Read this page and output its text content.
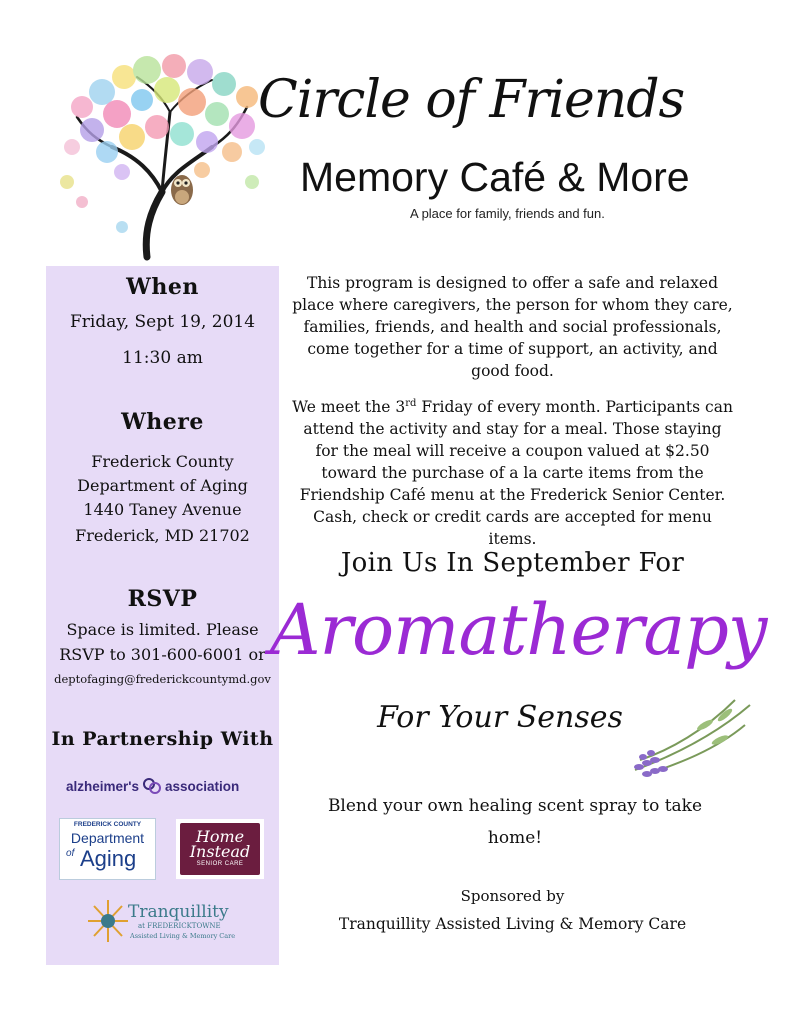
Circle of Friends
Memory Café & More
A place for family, friends and fun.
When
Friday, Sept 19, 2014
11:30 am
Where
Frederick County
Department of Aging
1440 Taney Avenue
Frederick, MD 21702
RSVP
Space is limited. Please
RSVP to 301-600-6001 or
deptofaging@frederickcountymd.gov
In Partnership With
alzheimer's association
FREDERICK COUNTY
Department
of Aging
Home
Instead
SENIOR CARE
Tranquillity
at FREDERICKTOWNE
Assisted Living & Memory Care
This program is designed to offer a safe and relaxed place where caregivers, the person for whom they care, families, friends, and health and social professionals, come together for a time of support, an activity, and good food.
We meet the 3rd Friday of every month. Participants can attend the activity and stay for a meal. Those staying for the meal will receive a coupon valued at $2.50 toward the purchase of a la carte items from the Friendship Café menu at the Frederick Senior Center. Cash, check or credit cards are accepted for menu items.
Join Us In September For
Aromatherapy
For Your Senses
Blend your own healing scent spray to take home!
Sponsored by
Tranquillity Assisted Living & Memory Care
